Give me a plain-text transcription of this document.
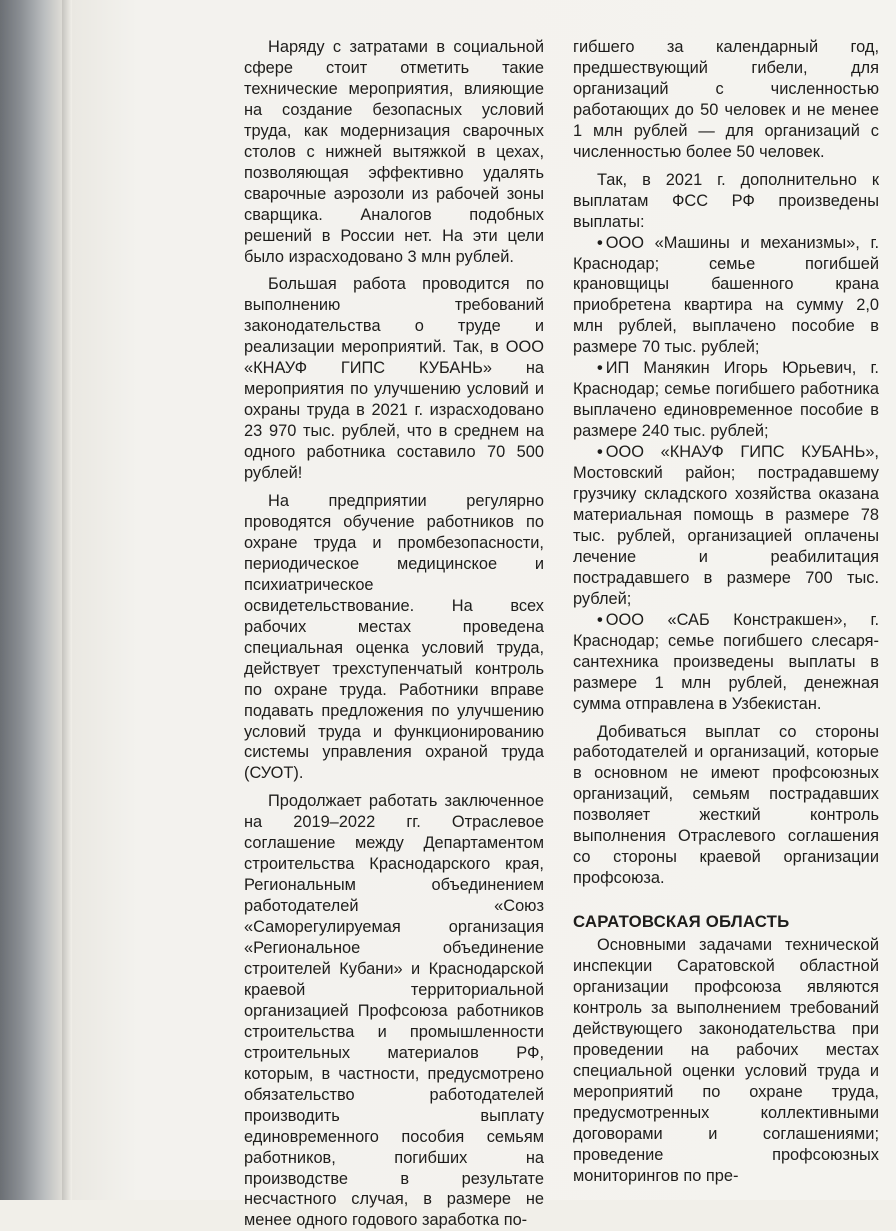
Наряду с затратами в социальной сфере стоит отметить такие технические мероприятия, влияющие на создание безопасных условий труда, как модернизация сварочных столов с нижней вытяжкой в цехах, позволяющая эффективно удалять сварочные аэрозоли из рабочей зоны сварщика. Аналогов подобных решений в России нет. На эти цели было израсходовано 3 млн рублей.

Большая работа проводится по выполнению требований законодательства о труде и реализации мероприятий. Так, в ООО «КНАУФ ГИПС КУБАНЬ» на мероприятия по улучшению условий и охраны труда в 2021 г. израсходовано 23 970 тыс. рублей, что в среднем на одного работника составило 70 500 рублей!

На предприятии регулярно проводятся обучение работников по охране труда и промбезопасности, периодическое медицинское и психиатрическое освидетельствование. На всех рабочих местах проведена специальная оценка условий труда, действует трехступенчатый контроль по охране труда. Работники вправе подавать предложения по улучшению условий труда и функционированию системы управления охраной труда (СУОТ).

Продолжает работать заключенное на 2019–2022 гг. Отраслевое соглашение между Департаментом строительства Краснодарского края, Региональным объединением работодателей «Союз «Саморегулируемая организация «Региональное объединение строителей Кубани» и Краснодарской краевой территориальной организацией Профсоюза работников строительства и промышленности строительных материалов РФ, которым, в частности, предусмотрено обязательство работодателей производить выплату единовременного пособия семьям работников, погибших на производстве в результате несчастного случая, в размере не менее одного годового заработка по-

гибшего за календарный год, предшествующий гибели, для организаций с численностью работающих до 50 человек и не менее 1 млн рублей — для организаций с численностью более 50 человек.

Так, в 2021 г. дополнительно к выплатам ФСС РФ произведены выплаты:

• ООО «Машины и механизмы», г. Краснодар; семье погибшей крановщицы башенного крана приобретена квартира на сумму 2,0 млн рублей, выплачено пособие в размере 70 тыс. рублей;

• ИП Манякин Игорь Юрьевич, г. Краснодар; семье погибшего работника выплачено единовременное пособие в размере 240 тыс. рублей;

• ООО «КНАУФ ГИПС КУБАНЬ», Мостовский район; пострадавшему грузчику складского хозяйства оказана материальная помощь в размере 78 тыс. рублей, организацией оплачены лечение и реабилитация пострадавшего в размере 700 тыс. рублей;

• ООО «САБ Констракшен», г. Краснодар; семье погибшего слесаря-сантехника произведены выплаты в размере 1 млн рублей, денежная сумма отправлена в Узбекистан.

Добиваться выплат со стороны работодателей и организаций, которые в основном не имеют профсоюзных организаций, семьям пострадавших позволяет жесткий контроль выполнения Отраслевого соглашения со стороны краевой организации профсоюза.

САРАТОВСКАЯ ОБЛАСТЬ

Основными задачами технической инспекции Саратовской областной организации профсоюза являются контроль за выполнением требований действующего законодательства при проведении на рабочих местах специальной оценки условий труда и мероприятий по охране труда, предусмотренных коллективными договорами и соглашениями; проведение профсоюзных мониторингов по пре-
